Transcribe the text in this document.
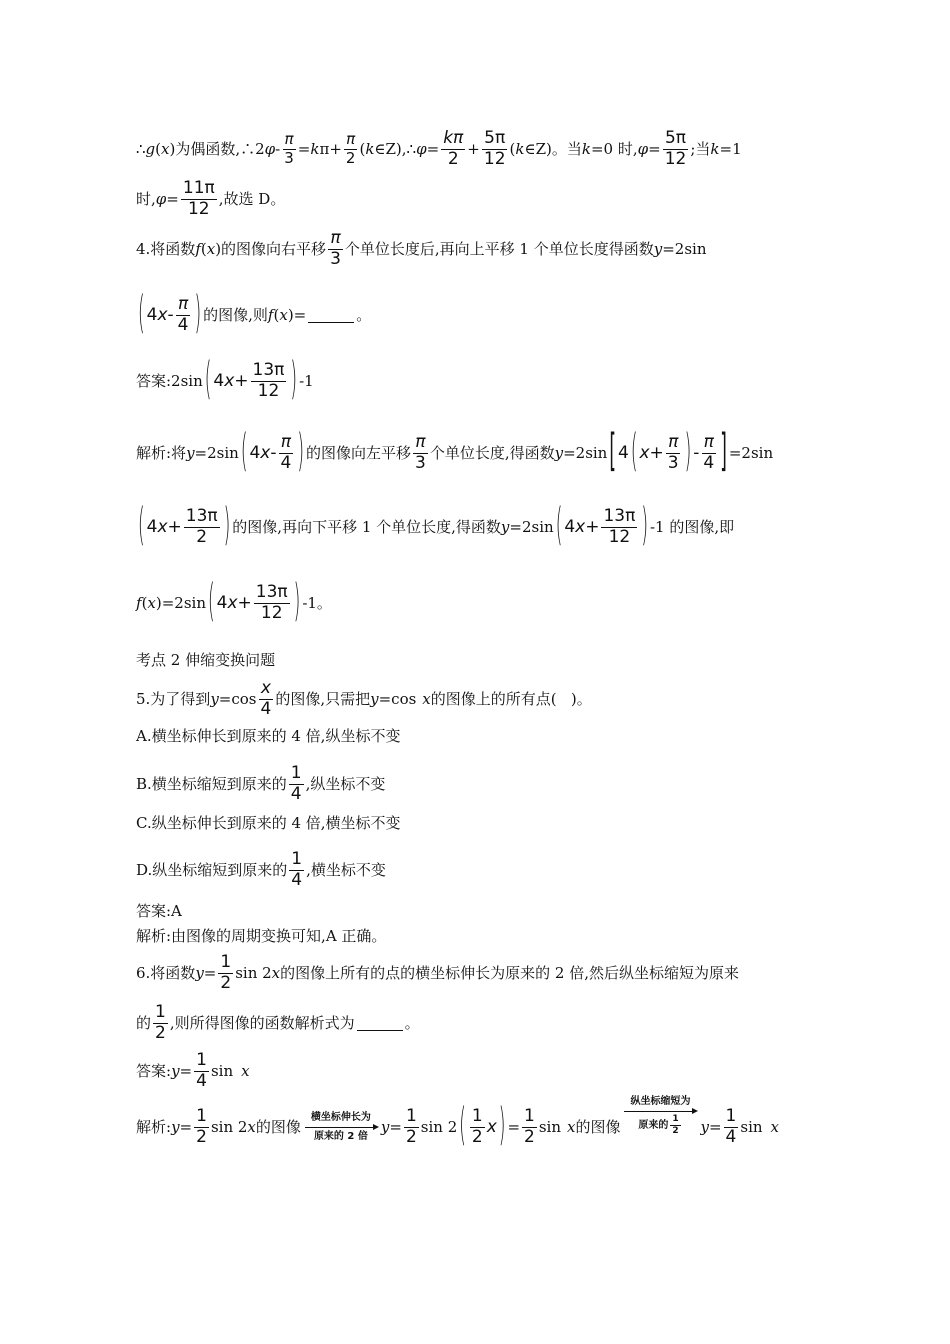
∴ g ( x )为偶函数,∴2 $\varphi - \frac{\pi}{3} = k$ $\pi + \frac{\pi}{2}$ ( k ∈Z),∴ $\varphi = \frac{k\pi}{2} + \frac{5\pi}{12}$ ( k ∈Z)。当 k =0 时, $\varphi = \frac{5\pi}{12}$ ;当 k =1
时, $\varphi = \frac{11\pi}{12}$ ,故选 D。
4.将函数 f ( x )的图像向右平移 $\frac{\pi}{3}$ 个单位长度后,再向上平移 1 个单位长度得函数 y =2sin
( 4 x - $\frac{\pi}{4}$ ) 的图像,则 f ( x )=	。
答案:2sin ( 4 $x + \frac{13\pi}{12}$ ) -1
解析:将 y =2sin ( 4 x - $\frac{\pi}{4}$ ) 的图像向左平移 $\frac{\pi}{3}$ 个单位长度,得函数 y =2sin [ 4 ( $x + \frac{\pi}{3}$ ) - $\frac{\pi}{4}$ ] =2sin
( 4 $x + \frac{13\pi}{2}$ ) 的图像,再向下平移 1 个单位长度,得函数 y =2sin ( 4 $x + \frac{13\pi}{12}$ ) -1 的图像,即
f ( x )=2sin ( 4 $x + \frac{13\pi}{12}$ ) -1。
考点 2 伸缩变换问题
5.为了得到 $y =\cos \frac{x}{4}$ 的图像,只需把 y =cos x 的图像上的所有点(   )。
A.横坐标伸长到原来的 4 倍,纵坐标不变
B.横坐标缩短到原来的 $\frac{1}{4}$ ,纵坐标不变
C.纵坐标伸长到原来的 4 倍,横坐标不变
D.纵坐标缩短到原来的 $\frac{1}{4}$ ,横坐标不变
答案:A
解析:由图像的周期变换可知,A 正确。
6.将函数 $y = \frac{1}{2}$ sin 2 x 的图像上所有的点的横坐标伸长为原来的 2 倍,然后纵坐标缩短为原来
的 $\frac{1}{2}$ ,则所得图像的函数解析式为	。
答案: $y = \frac{1}{4}$ sin x
解析: $y = \frac{1}{2}$ sin 2 x 的图像
横坐标伸长为
原来的 2 倍 $y = \frac{1}{2}$ sin 2 ( $\frac{1}{2}$ x ) = $\frac{1}{2}$ sin x 的图像
纵坐标缩短为
原来的 $\frac{1}{2}$ $y = \frac{1}{4}$ sin x
